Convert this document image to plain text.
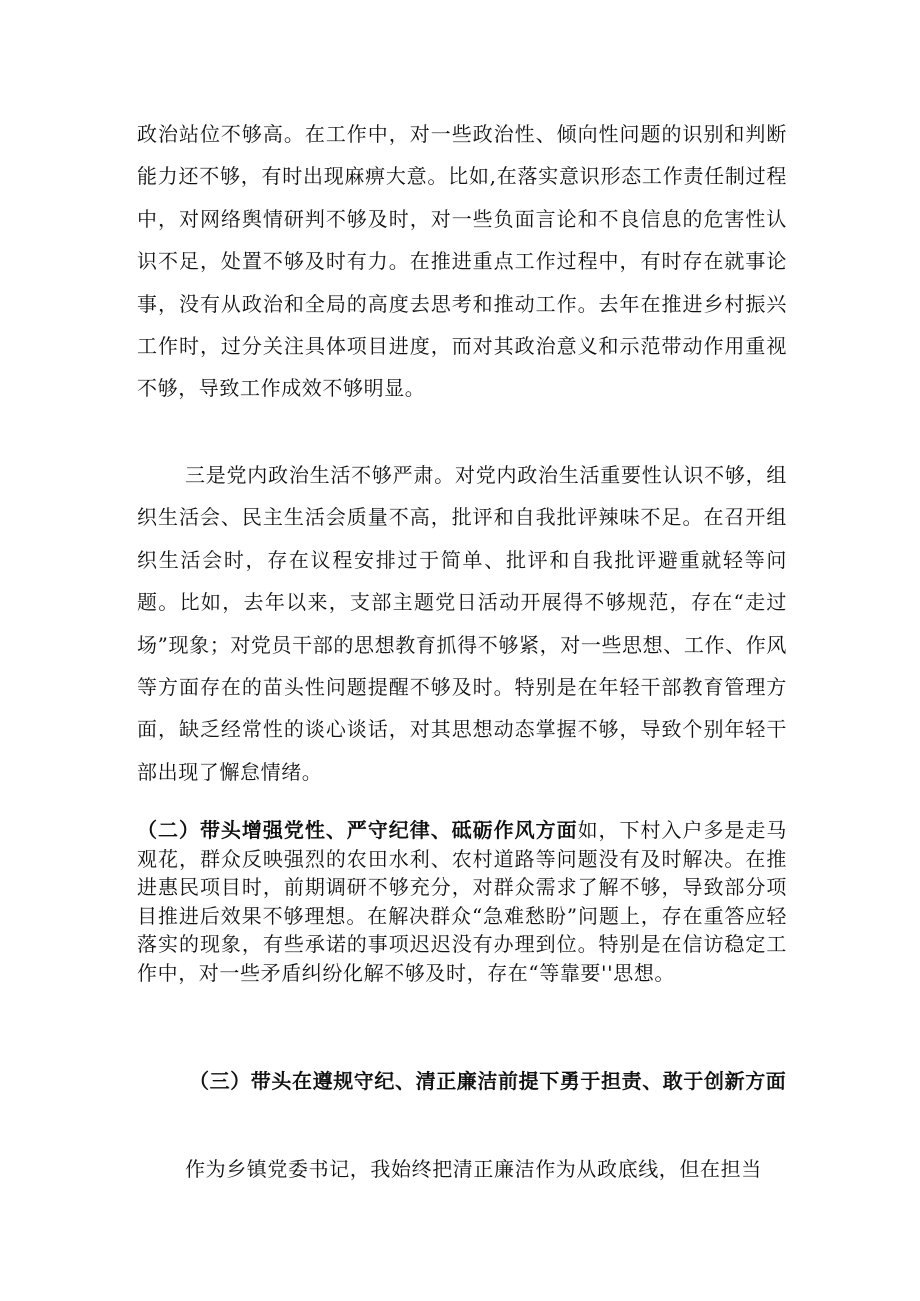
政治站位不够高。在工作中，对一些政治性、倾向性问题的识别和判断能力还不够，有时出现麻痹大意。比如,在落实意识形态工作责任制过程中，对网络舆情研判不够及时，对一些负面言论和不良信息的危害性认识不足，处置不够及时有力。在推进重点工作过程中，有时存在就事论事，没有从政治和全局的高度去思考和推动工作。去年在推进乡村振兴工作时，过分关注具体项目进度，而对其政治意义和示范带动作用重视不够，导致工作成效不够明显。

三是党内政治生活不够严肃。对党内政治生活重要性认识不够，组织生活会、民主生活会质量不高，批评和自我批评辣味不足。在召开组织生活会时，存在议程安排过于简单、批评和自我批评避重就轻等问题。比如，去年以来，支部主题党日活动开展得不够规范，存在“走过场”现象；对党员干部的思想教育抓得不够紧，对一些思想、工作、作风等方面存在的苗头性问题提醒不够及时。特别是在年轻干部教育管理方面，缺乏经常性的谈心谈话，对其思想动态掌握不够，导致个别年轻干部出现了懈怠情绪。

（二）带头增强党性、严守纪律、砥砺作风方面如，下村入户多是走马观花，群众反映强烈的农田水利、农村道路等问题没有及时解决。在推进惠民项目时，前期调研不够充分，对群众需求了解不够，导致部分项目推进后效果不够理想。在解决群众“急难愁盼”问题上，存在重答应轻落实的现象，有些承诺的事项迟迟没有办理到位。特别是在信访稳定工作中，对一些矛盾纠纷化解不够及时，存在“等靠要''思想。

（三）带头在遵规守纪、清正廉洁前提下勇于担责、敢于创新方面

作为乡镇党委书记，我始终把清正廉洁作为从政底线，但在担当
